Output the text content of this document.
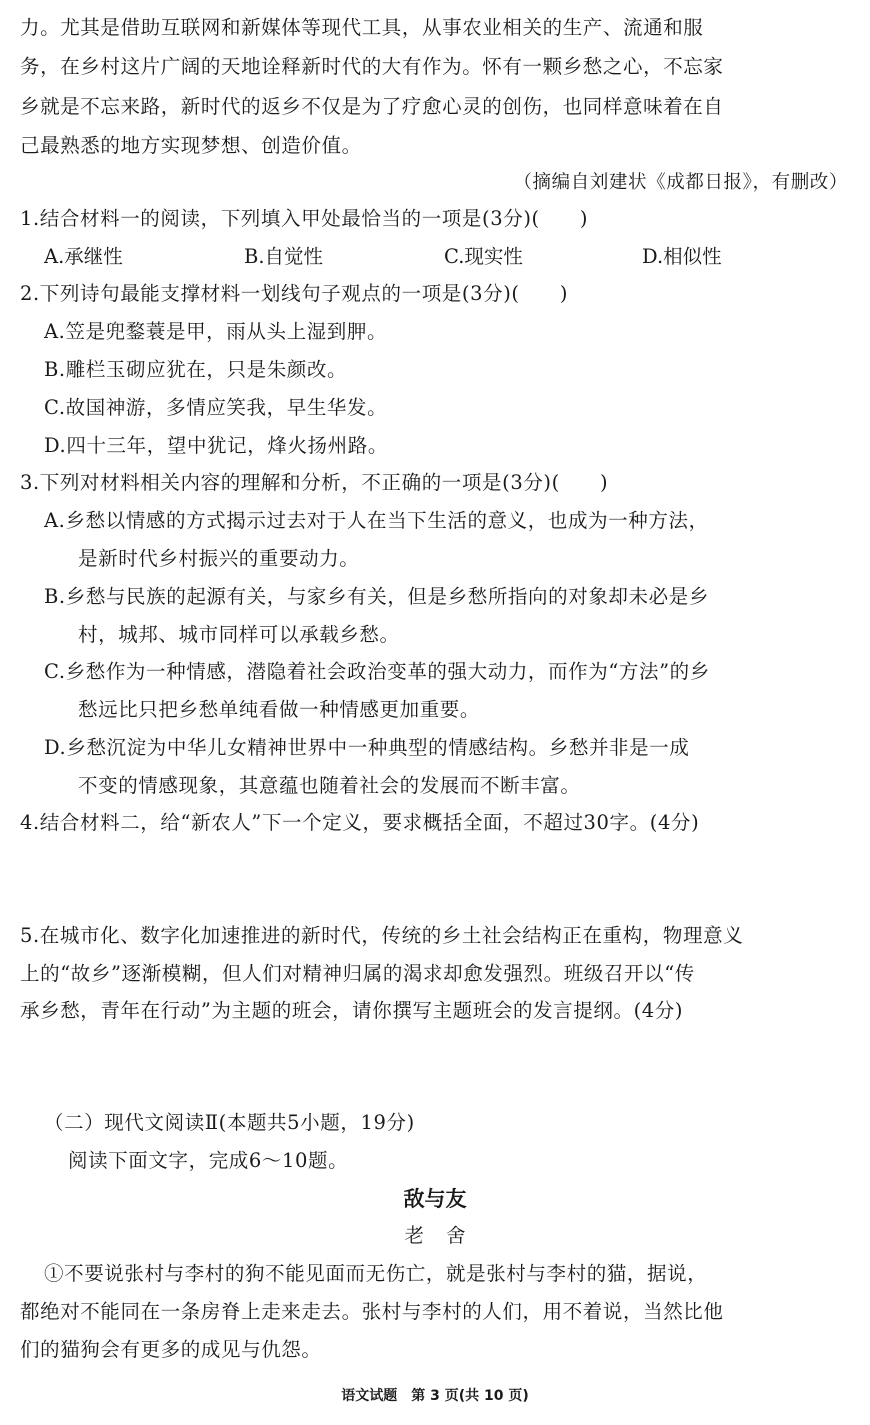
力。尤其是借助互联网和新媒体等现代工具，从事农业相关的生产、流通和服
务，在乡村这片广阔的天地诠释新时代的大有作为。怀有一颗乡愁之心，不忘家
乡就是不忘来路，新时代的返乡不仅是为了疗愈心灵的创伤，也同样意味着在自
己最熟悉的地方实现梦想、创造价值。
（摘编自刘建状《成都日报》，有删改）
1.结合材料一的阅读，下列填入甲处最恰当的一项是(3分)(　　)
A.承继性	B.自觉性	C.现实性	D.相似性
2.下列诗句最能支撑材料一划线句子观点的一项是(3分)(　　)
A.笠是兜鍪蓑是甲，雨从头上湿到胛。
B.雕栏玉砌应犹在，只是朱颜改。
C.故国神游，多情应笑我，早生华发。
D.四十三年，望中犹记，烽火扬州路。
3.下列对材料相关内容的理解和分析，不正确的一项是(3分)(　　)
A.乡愁以情感的方式揭示过去对于人在当下生活的意义，也成为一种方法，
是新时代乡村振兴的重要动力。
B.乡愁与民族的起源有关，与家乡有关，但是乡愁所指向的对象却未必是乡
村，城邦、城市同样可以承载乡愁。
C.乡愁作为一种情感，潜隐着社会政治变革的强大动力，而作为“方法”的乡
愁远比只把乡愁单纯看做一种情感更加重要。
D.乡愁沉淀为中华儿女精神世界中一种典型的情感结构。乡愁并非是一成
不变的情感现象，其意蕴也随着社会的发展而不断丰富。
4.结合材料二，给“新农人”下一个定义，要求概括全面，不超过30字。(4分)
5.在城市化、数字化加速推进的新时代，传统的乡土社会结构正在重构，物理意义
上的“故乡”逐渐模糊，但人们对精神归属的渴求却愈发强烈。班级召开以“传
承乡愁，青年在行动”为主题的班会，请你撰写主题班会的发言提纲。(4分)
（二）现代文阅读Ⅱ(本题共5小题，19分)
阅读下面文字，完成6～10题。
敌与友
老舍
①不要说张村与李村的狗不能见面而无伤亡，就是张村与李村的猫，据说，
都绝对不能同在一条房脊上走来走去。张村与李村的人们，用不着说，当然比他
们的猫狗会有更多的成见与仇怨。
语文试题　第 3 页(共 10 页)
